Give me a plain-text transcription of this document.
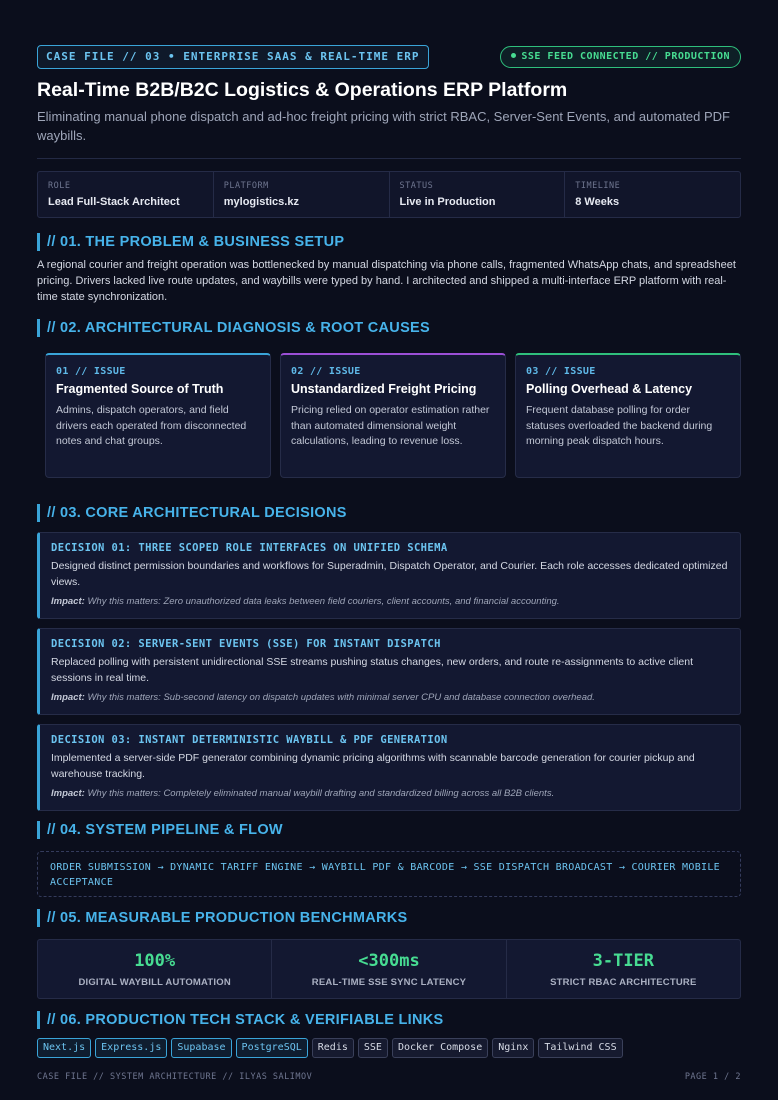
CASE FILE // 03 • ENTERPRISE SAAS & REAL-TIME ERP	SSE FEED CONNECTED // PRODUCTION
Real-Time B2B/B2C Logistics & Operations ERP Platform
Eliminating manual phone dispatch and ad-hoc freight pricing with strict RBAC, Server-Sent Events, and automated PDF waybills.
ROLE
Lead Full-Stack Architect
PLATFORM
mylogistics.kz
STATUS
Live in Production
TIMELINE
8 Weeks
// 01. THE PROBLEM & BUSINESS SETUP
A regional courier and freight operation was bottlenecked by manual dispatching via phone calls, fragmented WhatsApp chats, and spreadsheet pricing. Drivers lacked live route updates, and waybills were typed by hand. I architected and shipped a multi-interface ERP platform with real-time state synchronization.
// 02. ARCHITECTURAL DIAGNOSIS & ROOT CAUSES
01 // ISSUE
Fragmented Source of Truth
Admins, dispatch operators, and field drivers each operated from disconnected notes and chat groups.
02 // ISSUE
Unstandardized Freight Pricing
Pricing relied on operator estimation rather than automated dimensional weight calculations, leading to revenue loss.
03 // ISSUE
Polling Overhead & Latency
Frequent database polling for order statuses overloaded the backend during morning peak dispatch hours.
// 03. CORE ARCHITECTURAL DECISIONS
DECISION 01: THREE SCOPED ROLE INTERFACES ON UNIFIED SCHEMA
Designed distinct permission boundaries and workflows for Superadmin, Dispatch Operator, and Courier. Each role accesses dedicated optimized views.
Impact: Why this matters: Zero unauthorized data leaks between field couriers, client accounts, and financial accounting.
DECISION 02: SERVER-SENT EVENTS (SSE) FOR INSTANT DISPATCH
Replaced polling with persistent unidirectional SSE streams pushing status changes, new orders, and route re-assignments to active client sessions in real time.
Impact: Why this matters: Sub-second latency on dispatch updates with minimal server CPU and database connection overhead.
DECISION 03: INSTANT DETERMINISTIC WAYBILL & PDF GENERATION
Implemented a server-side PDF generator combining dynamic pricing algorithms with scannable barcode generation for courier pickup and warehouse tracking.
Impact: Why this matters: Completely eliminated manual waybill drafting and standardized billing across all B2B clients.
// 04. SYSTEM PIPELINE & FLOW
ORDER SUBMISSION → DYNAMIC TARIFF ENGINE → WAYBILL PDF & BARCODE → SSE DISPATCH BROADCAST → COURIER MOBILE ACCEPTANCE
// 05. MEASURABLE PRODUCTION BENCHMARKS
100%
DIGITAL WAYBILL AUTOMATION
<300ms
REAL-TIME SSE SYNC LATENCY
3-TIER
STRICT RBAC ARCHITECTURE
// 06. PRODUCTION TECH STACK & VERIFIABLE LINKS
Next.js	Express.js	Supabase	PostgreSQL	Redis	SSE	Docker Compose	Nginx	Tailwind CSS
CASE FILE // SYSTEM ARCHITECTURE // ILYAS SALIMOV	PAGE 1 / 2
